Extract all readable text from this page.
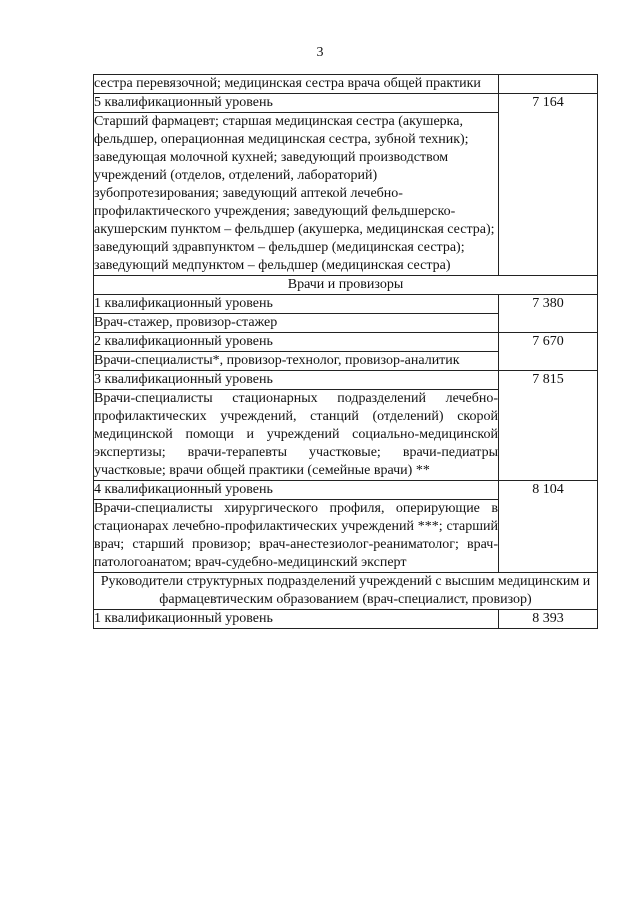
3
сестра перевязочной; медицинская сестра врача общей практики	
5 квалификационный уровень	7 164
Старший фармацевт; старшая медицинская сестра (акушерка, фельдшер, операционная медицинская сестра, зубной техник); заведующая молочной кухней; заведующий производством учреждений (отделов, отделений, лабораторий) зубопротезирования; заведующий аптекой лечебно-профилактического учреждения; заведующий фельдшерско-акушерским пунктом – фельдшер (акушерка, медицинская сестра); заведующий здравпунктом – фельдшер (медицинская сестра); заведующий медпунктом – фельдшер (медицинская сестра)	
Врачи и провизоры	
1 квалификационный уровень	7 380
Врач-стажер, провизор-стажер	
2 квалификационный уровень	7 670
Врачи-специалисты*, провизор-технолог, провизор-аналитик	
3 квалификационный уровень	7 815
Врачи-специалисты стационарных подразделений лечебно-профилактических учреждений, станций (отделений) скорой медицинской помощи и учреждений социально-медицинской экспертизы; врачи-терапевты участковые; врачи-педиатры участковые; врачи общей практики (семейные врачи) **	
4 квалификационный уровень	8 104
Врачи-специалисты хирургического профиля, оперирующие в стационарах лечебно-профилактических учреждений ***; старший врач; старший провизор; врач-анестезиолог-реаниматолог; врач-патологоанатом; врач-судебно-медицинский эксперт	
Руководители структурных подразделений учреждений с высшим медицинским и фармацевтическим образованием (врач-специалист, провизор)	
1 квалификационный уровень	8 393
